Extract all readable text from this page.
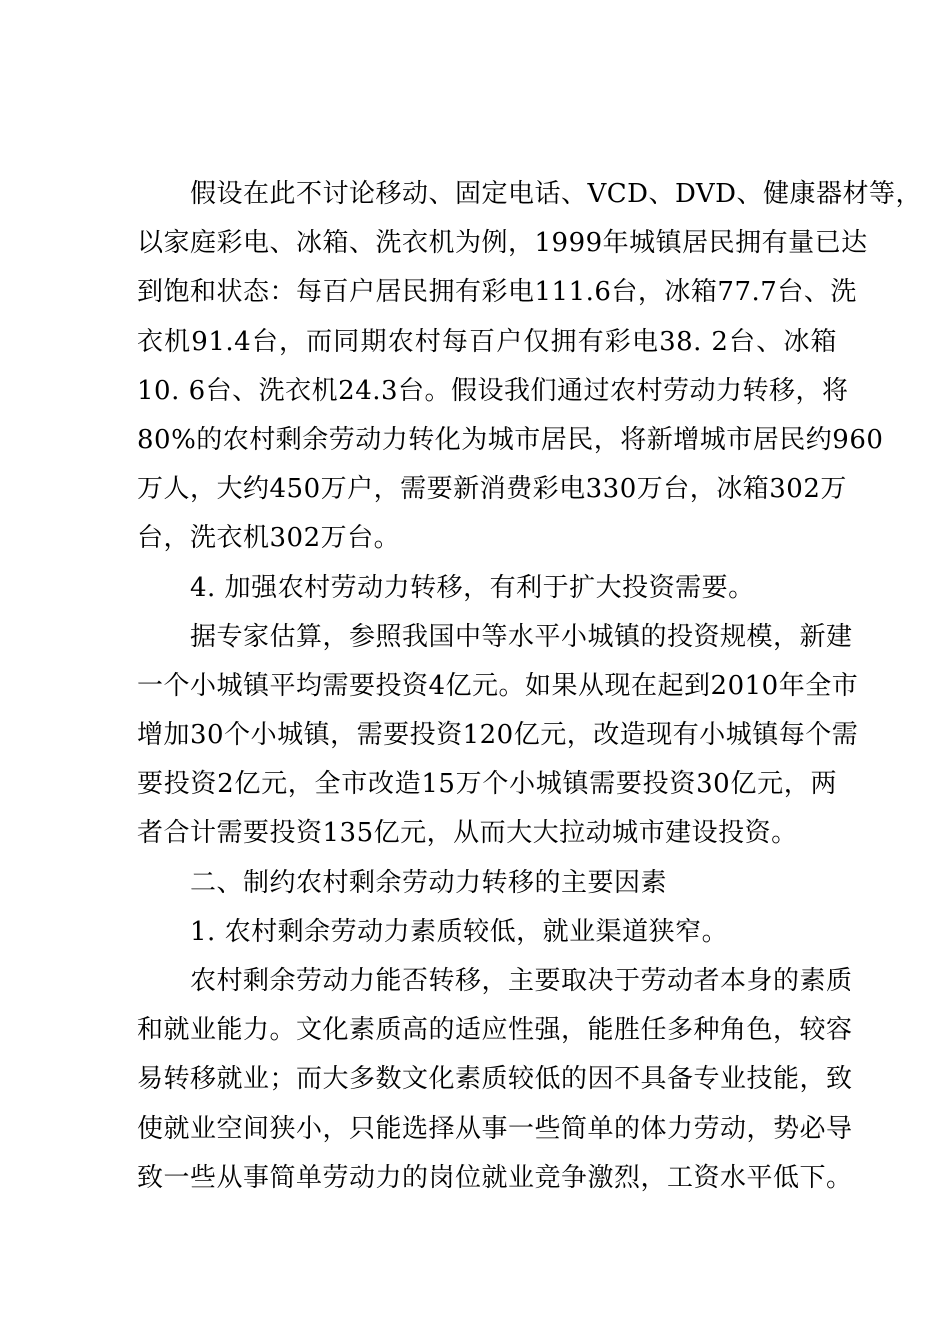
　　假设在此不讨论移动、固定电话、VCD、DVD、健康器材等，
以家庭彩电、冰箱、洗衣机为例，1999年城镇居民拥有量已达
到饱和状态：每百户居民拥有彩电111.6台，冰箱77.7台、洗
衣机91.4台，而同期农村每百户仅拥有彩电38. 2台、冰箱
10. 6台、洗衣机24.3台。假设我们通过农村劳动力转移，将
80%的农村剩余劳动力转化为城市居民，将新增城市居民约960
万人，大约450万户，需要新消费彩电330万台，冰箱302万
台，洗衣机302万台。
　　4. 加强农村劳动力转移，有利于扩大投资需要。
　　据专家估算，参照我国中等水平小城镇的投资规模，新建
一个小城镇平均需要投资4亿元。如果从现在起到2010年全市
增加30个小城镇，需要投资120亿元，改造现有小城镇每个需
要投资2亿元，全市改造15万个小城镇需要投资30亿元，两
者合计需要投资135亿元，从而大大拉动城市建设投资。
　　二、制约农村剩余劳动力转移的主要因素
　　1. 农村剩余劳动力素质较低，就业渠道狭窄。
　　农村剩余劳动力能否转移，主要取决于劳动者本身的素质
和就业能力。文化素质高的适应性强，能胜任多种角色，较容
易转移就业；而大多数文化素质较低的因不具备专业技能，致
使就业空间狭小，只能选择从事一些简单的体力劳动，势必导
致一些从事简单劳动力的岗位就业竞争激烈，工资水平低下。
